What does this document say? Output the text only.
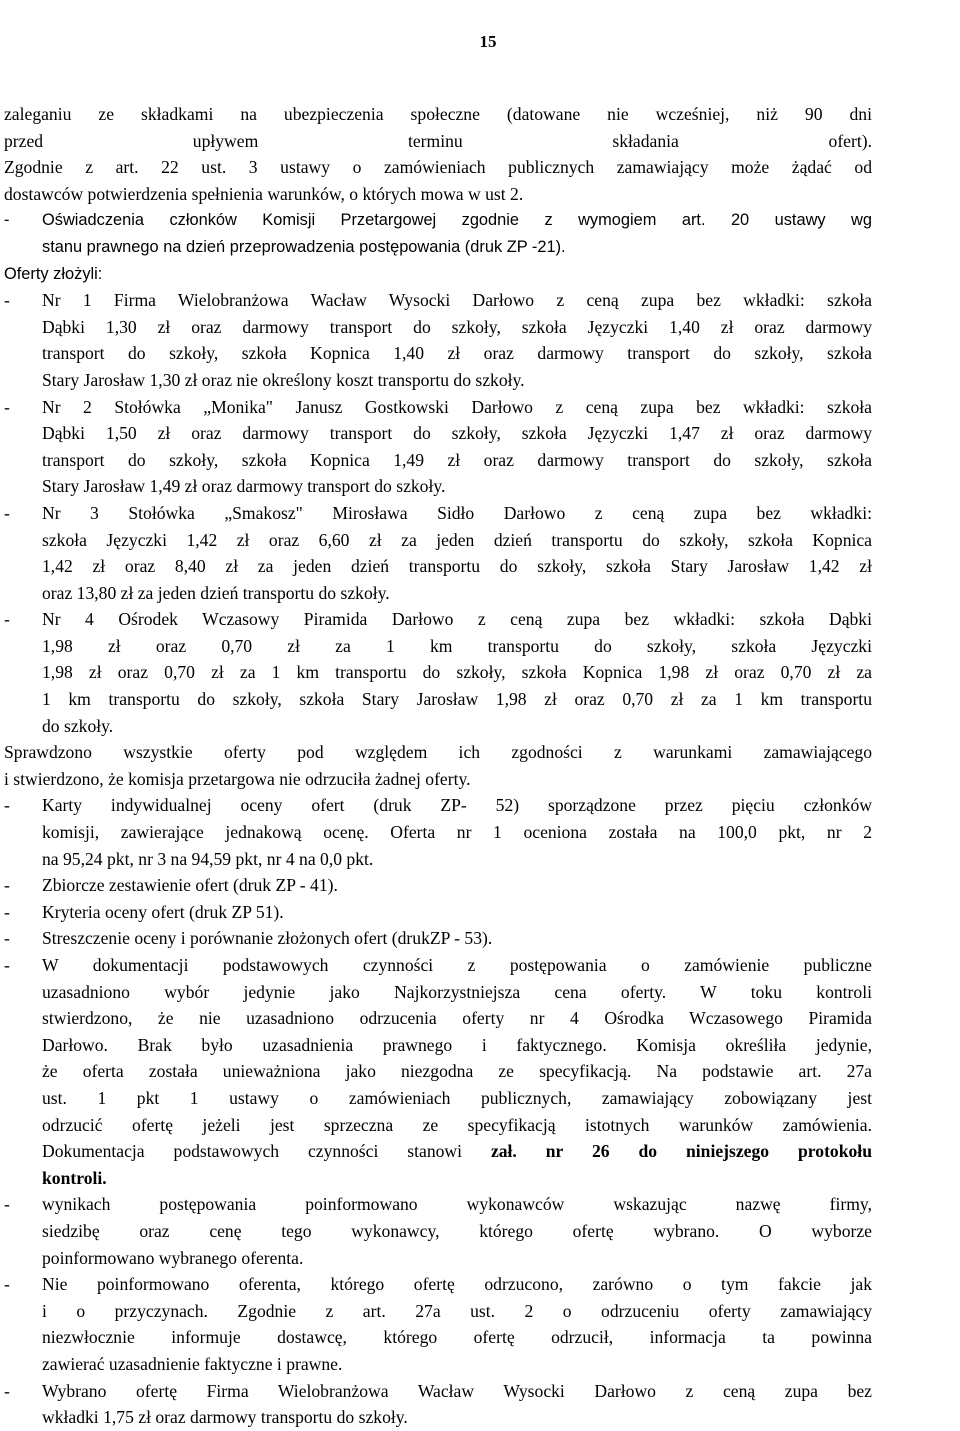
15

zaleganiu ze składkami na ubezpieczenia społeczne (datowane nie wcześniej, niż 90 dni

przed upływem terminu składania ofert).

Zgodnie z art. 22 ust. 3 ustawy o zamówieniach publicznych zamawiający może żądać od

dostawców potwierdzenia spełnienia warunków, o których mowa w ust 2.

-	Oświadczenia członków Komisji Przetargowej zgodnie z wymogiem art. 20 ustawy wg

stanu prawnego na dzień przeprowadzenia postępowania (druk ZP -21).

Oferty złożyli:

-	Nr 1 Firma Wielobranżowa Wacław Wysocki Darłowo z ceną zupa bez wkładki: szkoła

Dąbki 1,30 zł oraz darmowy transport do szkoły, szkoła Języczki 1,40 zł oraz darmowy

transport do szkoły, szkoła Kopnica 1,40 zł oraz darmowy transport do szkoły, szkoła

Stary Jarosław 1,30 zł oraz nie określony koszt transportu do szkoły.

-	Nr 2 Stołówka „Monika" Janusz Gostkowski Darłowo z ceną zupa bez wkładki: szkoła

Dąbki 1,50 zł oraz darmowy transport do szkoły, szkoła Języczki 1,47 zł oraz darmowy

transport do szkoły, szkoła Kopnica 1,49 zł oraz darmowy transport do szkoły, szkoła

Stary Jarosław 1,49 zł oraz darmowy transport do szkoły.

-	Nr 3 Stołówka „Smakosz" Mirosława Sidło Darłowo z ceną zupa bez wkładki:

szkoła Języczki 1,42 zł oraz 6,60 zł za jeden dzień transportu do szkoły, szkoła Kopnica

1,42 zł oraz 8,40 zł za jeden dzień transportu do szkoły, szkoła Stary Jarosław 1,42 zł

oraz 13,80 zł za jeden dzień transportu do szkoły.

-	Nr 4 Ośrodek Wczasowy Piramida Darłowo z ceną zupa bez wkładki: szkoła Dąbki

1,98 zł oraz 0,70 zł za 1 km transportu do szkoły, szkoła Języczki

1,98 zł oraz 0,70 zł za 1 km transportu do szkoły, szkoła Kopnica 1,98 zł oraz 0,70 zł za

1 km transportu do szkoły, szkoła Stary Jarosław 1,98 zł oraz 0,70 zł za 1 km transportu

do szkoły.

Sprawdzono wszystkie oferty pod względem ich zgodności z warunkami zamawiającego

i stwierdzono, że komisja przetargowa nie odrzuciła żadnej oferty.

-	Karty indywidualnej oceny ofert (druk ZP- 52) sporządzone przez pięciu członków

komisji, zawierające jednakową ocenę. Oferta nr 1 oceniona została na 100,0 pkt, nr 2

na 95,24 pkt, nr 3 na 94,59 pkt, nr 4 na 0,0 pkt.

-	Zbiorcze zestawienie ofert (druk ZP - 41).

-	Kryteria oceny ofert (druk ZP 51).

-	Streszczenie oceny i porównanie złożonych ofert (drukZP - 53).

-	W dokumentacji podstawowych czynności z postępowania o zamówienie publiczne

uzasadniono wybór jedynie jako Najkorzystniejsza cena oferty. W toku kontroli

stwierdzono, że nie uzasadniono odrzucenia oferty nr 4 Ośrodka Wczasowego Piramida

Darłowo. Brak było uzasadnienia prawnego i faktycznego. Komisja określiła jedynie,

że oferta została unieważniona jako niezgodna ze specyfikacją. Na podstawie art. 27a

ust. 1 pkt 1 ustawy o zamówieniach publicznych, zamawiający zobowiązany jest

odrzucić ofertę jeżeli jest sprzeczna ze specyfikacją istotnych warunków zamówienia.

Dokumentacja podstawowych czynności stanowi zał. nr 26 do niniejszego protokołu

kontroli.

-	wynikach postępowania poinformowano wykonawców wskazując nazwę firmy,

siedzibę oraz cenę tego wykonawcy, którego ofertę wybrano. O wyborze

poinformowano wybranego oferenta.

-	Nie poinformowano oferenta, którego ofertę odrzucono, zarówno o tym fakcie jak

i o przyczynach. Zgodnie z art. 27a ust. 2 o odrzuceniu oferty zamawiający

niezwłocznie informuje dostawcę, którego ofertę odrzucił, informacja ta powinna

zawierać uzasadnienie faktyczne i prawne.

-	Wybrano ofertę Firma Wielobranżowa Wacław Wysocki Darłowo z ceną zupa bez

wkładki 1,75 zł oraz darmowy transportu do szkoły.
